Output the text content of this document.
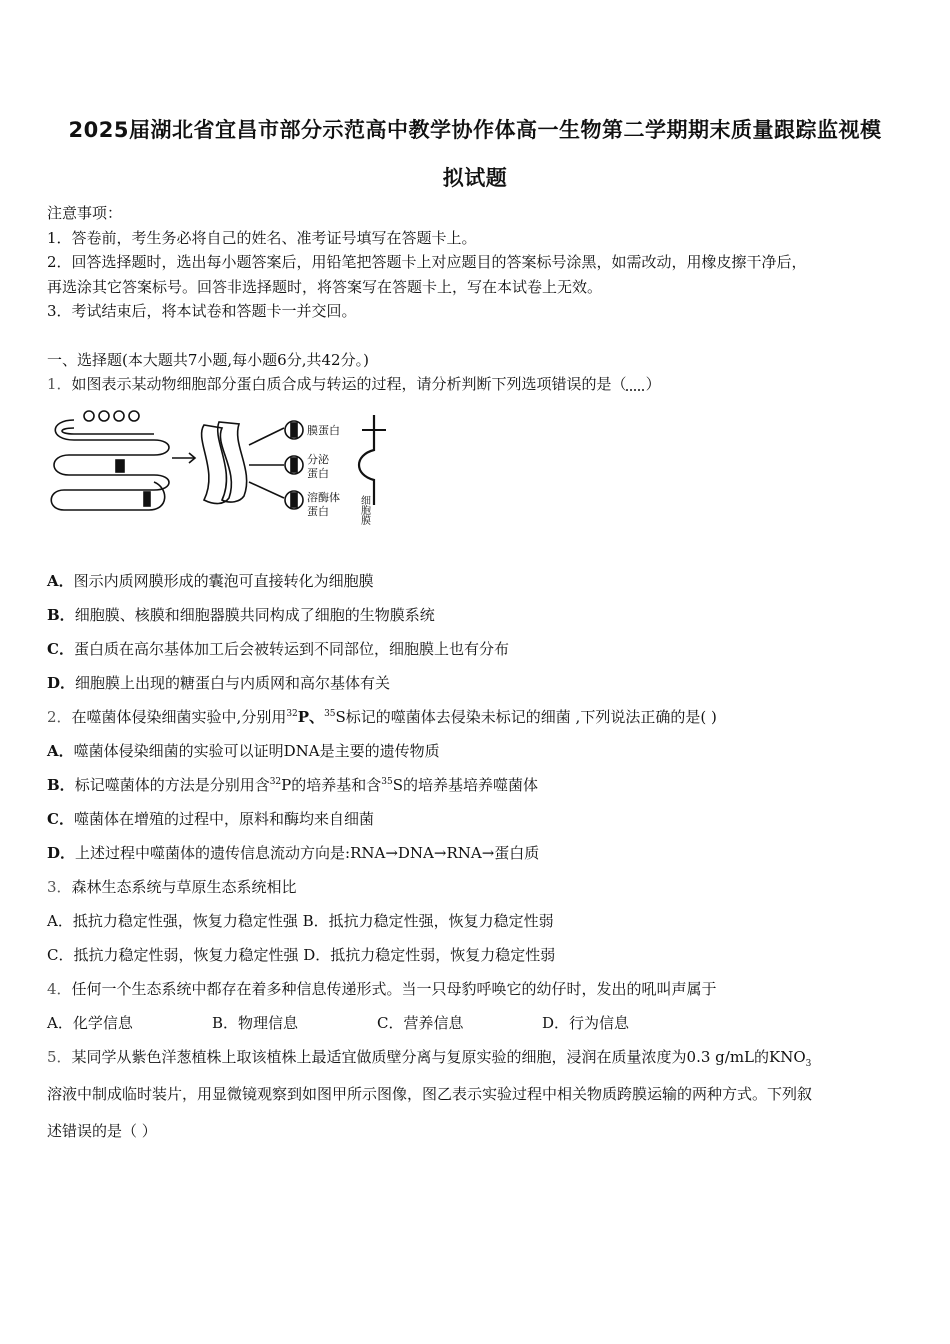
2025届湖北省宜昌市部分示范高中教学协作体高一生物第二学期期末质量跟踪监视模
拟试题
注意事项：
1．答卷前，考生务必将自己的姓名、准考证号填写在答题卡上。
2．回答选择题时，选出每小题答案后，用铅笔把答题卡上对应题目的答案标号涂黑，如需改动，用橡皮擦干净后，
再选涂其它答案标号。回答非选择题时，将答案写在答题卡上，写在本试卷上无效。
3．考试结束后，将本试卷和答题卡一并交回。
一、选择题(本大题共7小题,每小题6分,共42分。)
1．如图表示某动物细胞部分蛋白质合成与转运的过程，请分析判断下列选项错误的是（ ）
膜蛋白
分泌
蛋白
溶酶体
蛋白	细胞膜
A．图示内质网膜形成的囊泡可直接转化为细胞膜
B．细胞膜、核膜和细胞器膜共同构成了细胞的生物膜系统
C．蛋白质在高尔基体加工后会被转运到不同部位，细胞膜上也有分布
D．细胞膜上出现的糖蛋白与内质网和高尔基体有关
2．在噬菌体侵染细菌实验中,分别用$^{32}$P、$^{35}$S标记的噬菌体去侵染未标记的细菌 ,下列说法正确的是( )
A．噬菌体侵染细菌的实验可以证明DNA是主要的遗传物质
B．标记噬菌体的方法是分别用含$^{32}$P的培养基和含$^{35}$S的培养基培养噬菌体
C．噬菌体在增殖的过程中，原料和酶均来自细菌
D．上述过程中噬菌体的遗传信息流动方向是:RNA→DNA→RNA→蛋白质
3．森林生态系统与草原生态系统相比
A．抵抗力稳定性强，恢复力稳定性强 B．抵抗力稳定性强，恢复力稳定性弱
C．抵抗力稳定性弱，恢复力稳定性强 D．抵抗力稳定性弱，恢复力稳定性弱
4．任何一个生态系统中都存在着多种信息传递形式。当一只母豹呼唤它的幼仔时，发出的吼叫声属于
A．化学信息	B．物理信息	C．营养信息	D．行为信息
5．某同学从紫色洋葱植株上取该植株上最适宜做质壁分离与复原实验的细胞，浸润在质量浓度为0.3 g/mL的$KNO_3$
溶液中制成临时装片，用显微镜观察到如图甲所示图像，图乙表示实验过程中相关物质跨膜运输的两种方式。下列叙
述错误的是（ ）
